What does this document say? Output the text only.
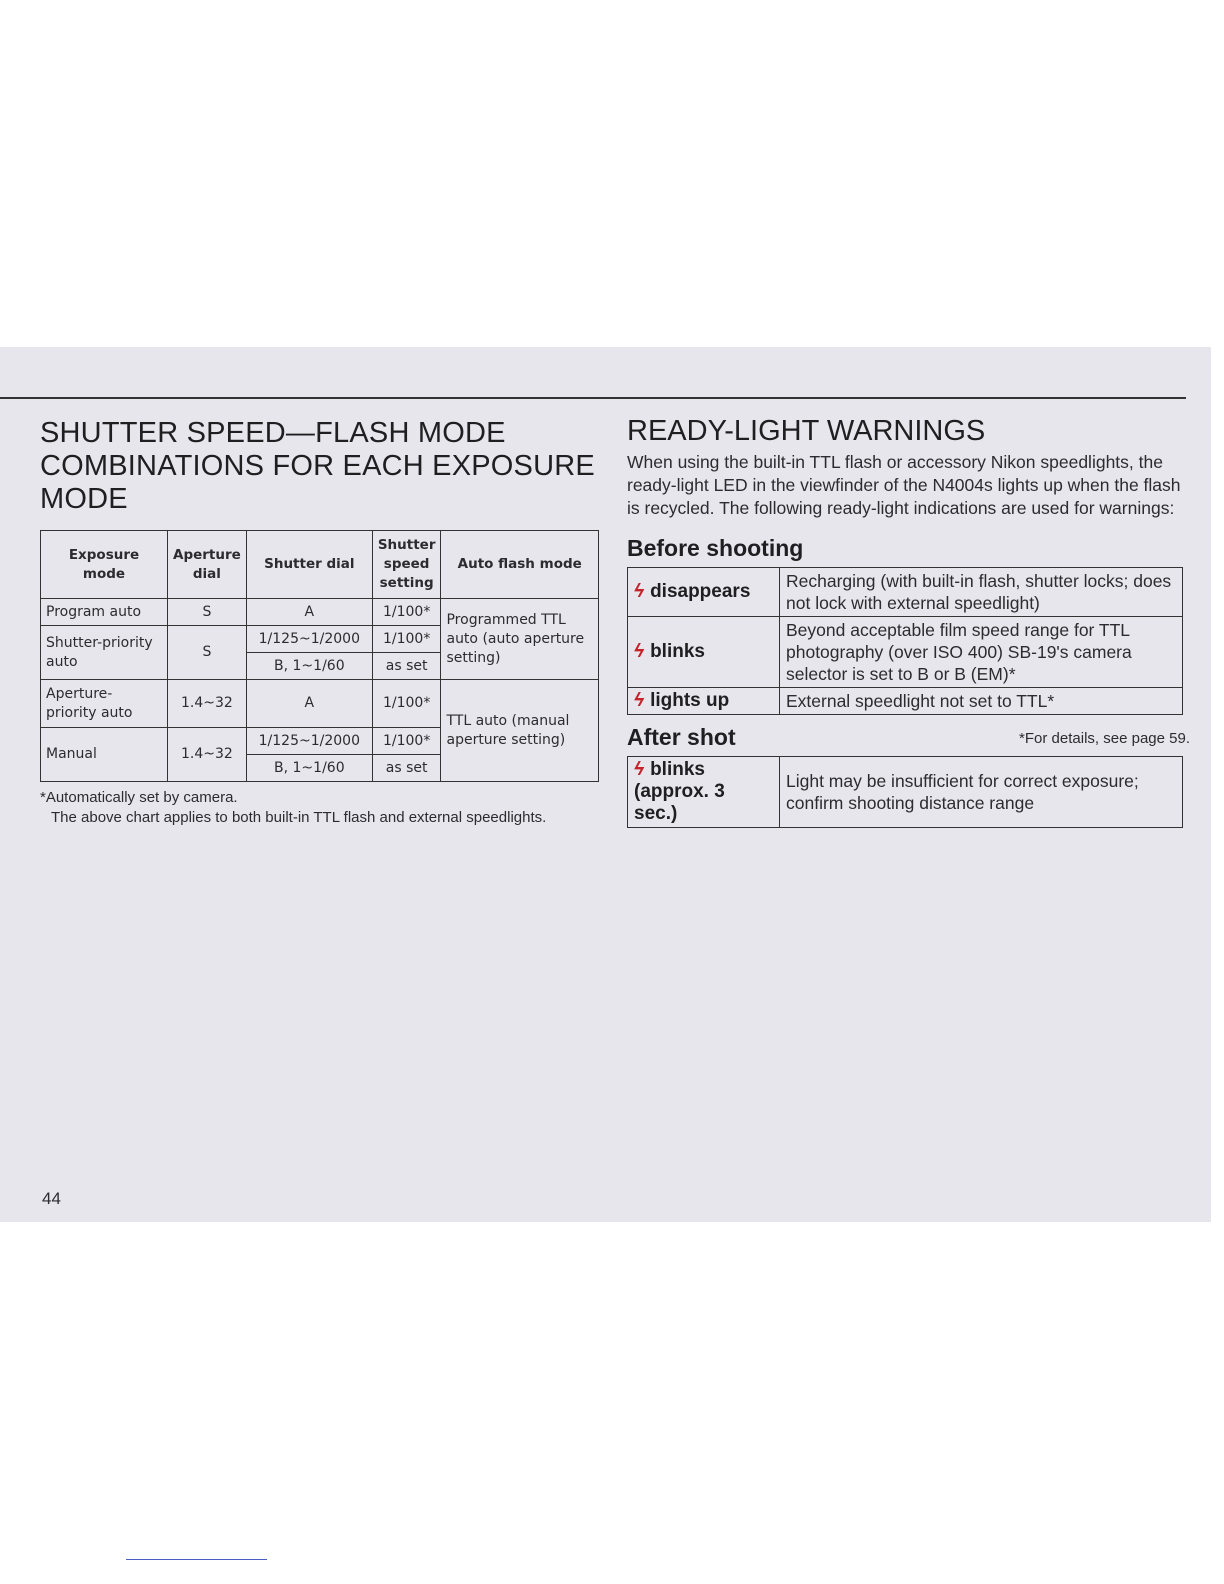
SHUTTER SPEED—FLASH MODE
COMBINATIONS FOR EACH EXPOSURE
MODE
Exposure mode	Aperture dial	Shutter dial	Shutter speed setting	Auto flash mode
Program auto	S	A	1/100*	Programmed TTL auto (auto aperture setting)
Shutter-priority auto	S	1/125~1/2000	1/100*	
		B, 1~1/60	as set	
Aperture-priority auto	1.4~32	A	1/100*	TTL auto (manual aperture setting)
Manual	1.4~32	1/125~1/2000	1/100*	
		B, 1~1/60	as set	
*Automatically set by camera.
The above chart applies to both built-in TTL flash and external speedlights.
READY-LIGHT WARNINGS

When using the built-in TTL flash or accessory Nikon speedlights, the ready-light LED in the viewfinder of the N4004s lights up when the flash is recycled. The following ready-light indications are used for warnings:

Before shooting
ϟ disappears	Recharging (with built-in flash, shutter locks; does not lock with external speedlight)
ϟ blinks	Beyond acceptable film speed range for TTL photography (over ISO 400) SB-19's camera selector is set to B or B (EM)*
ϟ lights up	External speedlight not set to TTL*
After shot	*For details, see page 59.
ϟ blinks
(approx. 3 sec.)	Light may be insufficient for correct exposure; confirm shooting distance range
44
